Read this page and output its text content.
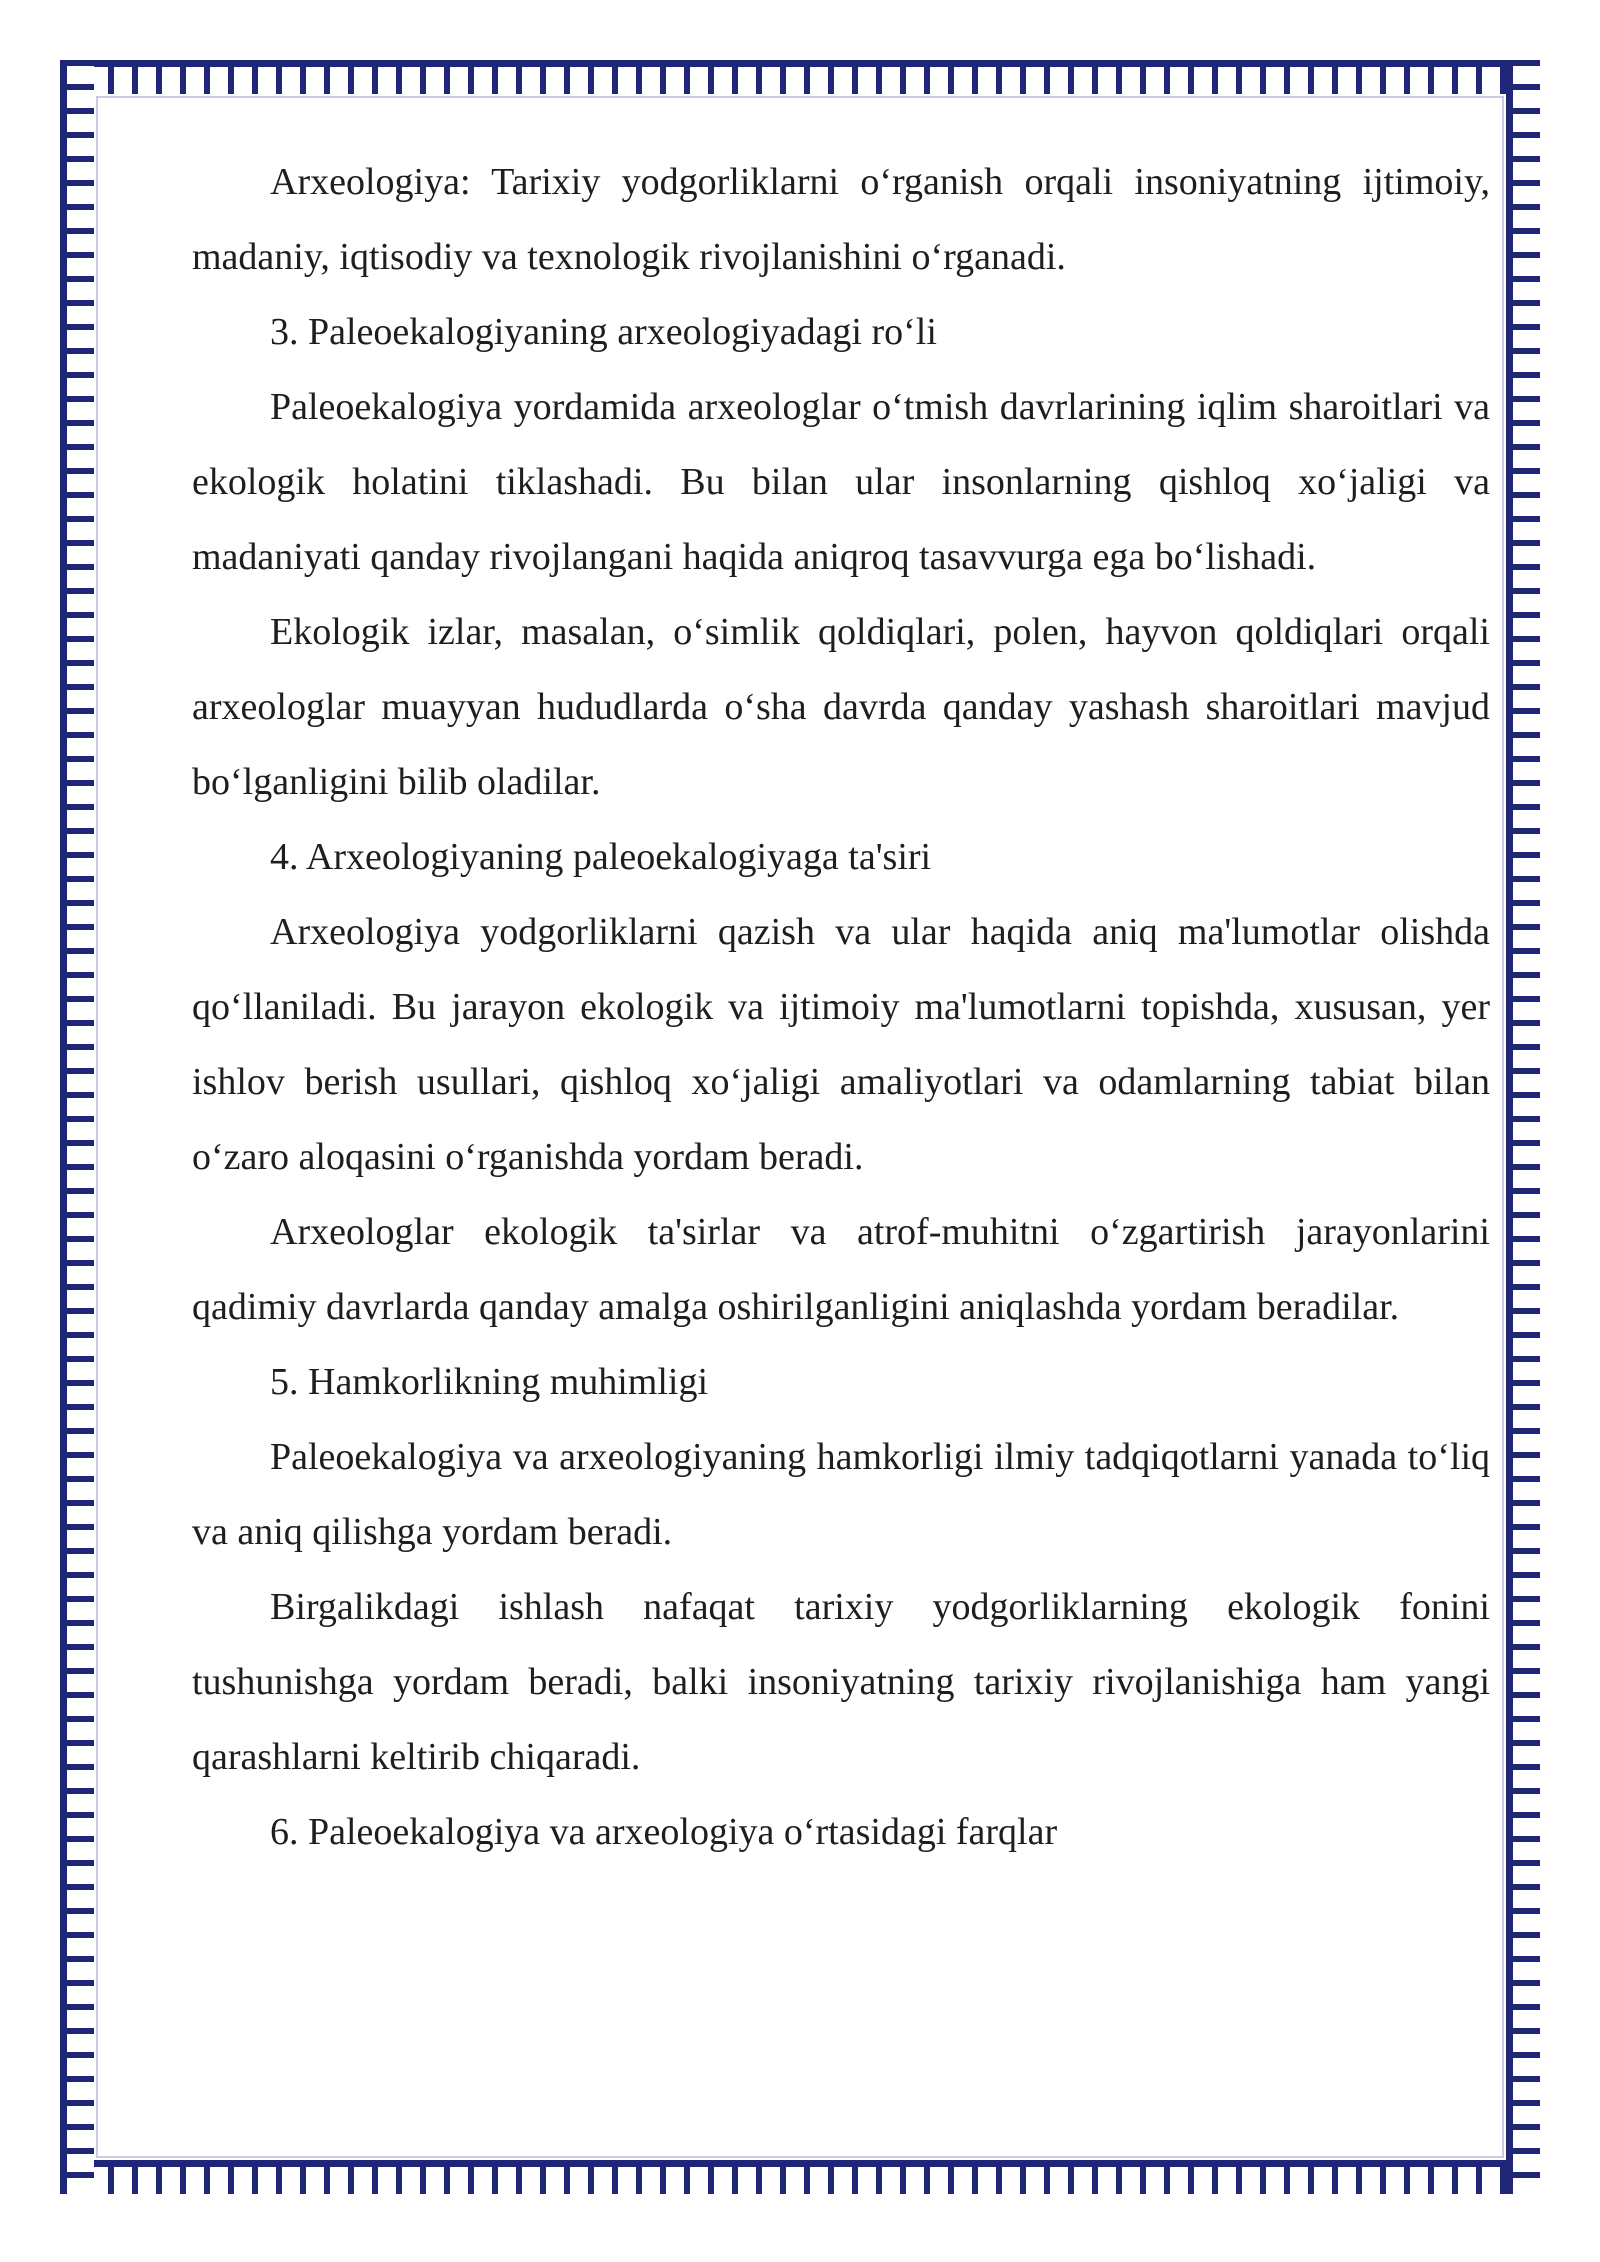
Arxeologiya: Tarixiy yodgorliklarni o‘rganish orqali insoniyatning ijtimoiy, madaniy, iqtisodiy va texnologik rivojlanishini o‘rganadi.

3. Paleoekalogiyaning arxeologiyadagi ro‘li

Paleoekalogiya yordamida arxeologlar o‘tmish davrlarining iqlim sharoitlari va ekologik holatini tiklashadi. Bu bilan ular insonlarning qishloq xo‘jaligi va madaniyati qanday rivojlangani haqida aniqroq tasavvurga ega bo‘lishadi.

Ekologik izlar, masalan, o‘simlik qoldiqlari, polen, hayvon qoldiqlari orqali arxeologlar muayyan hududlarda o‘sha davrda qanday yashash sharoitlari mavjud bo‘lganligini bilib oladilar.

4. Arxeologiyaning paleoekalogiyaga ta'siri

Arxeologiya yodgorliklarni qazish va ular haqida aniq ma'lumotlar olishda qo‘llaniladi. Bu jarayon ekologik va ijtimoiy ma'lumotlarni topishda, xususan, yer ishlov berish usullari, qishloq xo‘jaligi amaliyotlari va odamlarning tabiat bilan o‘zaro aloqasini o‘rganishda yordam beradi.

Arxeologlar ekologik ta'sirlar va atrof-muhitni o‘zgartirish jarayonlarini qadimiy davrlarda qanday amalga oshirilganligini aniqlashda yordam beradilar.

5. Hamkorlikning muhimligi

Paleoekalogiya va arxeologiyaning hamkorligi ilmiy tadqiqotlarni yanada to‘liq va aniq qilishga yordam beradi.

Birgalikdagi ishlash nafaqat tarixiy yodgorliklarning ekologik fonini tushunishga yordam beradi, balki insoniyatning tarixiy rivojlanishiga ham yangi qarashlarni keltirib chiqaradi.

6. Paleoekalogiya va arxeologiya o‘rtasidagi farqlar
